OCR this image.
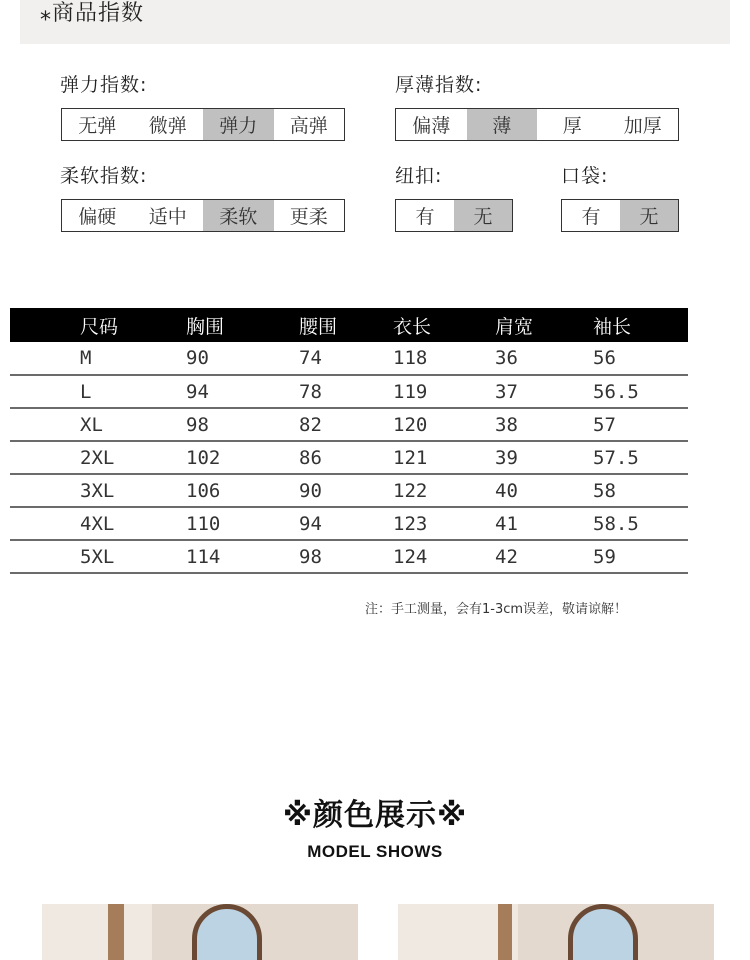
⁎商品指数
弹力指数:
无弹	微弹	弹力	高弹
厚薄指数:
偏薄	薄	厚	加厚
柔软指数:
偏硬	适中	柔软	更柔
纽扣:
有	无
口袋:
有	无
尺码	胸围	腰围	衣长	肩宽	袖长
M	90	74	118	36	56
L	94	78	119	37	56.5
XL	98	82	120	38	57
2XL	102	86	121	39	57.5
3XL	106	90	122	40	58
4XL	110	94	123	41	58.5
5XL	114	98	124	42	59
注：手工测量，会有1-3cm误差，敬请谅解！
※颜色展示※
MODEL SHOWS
